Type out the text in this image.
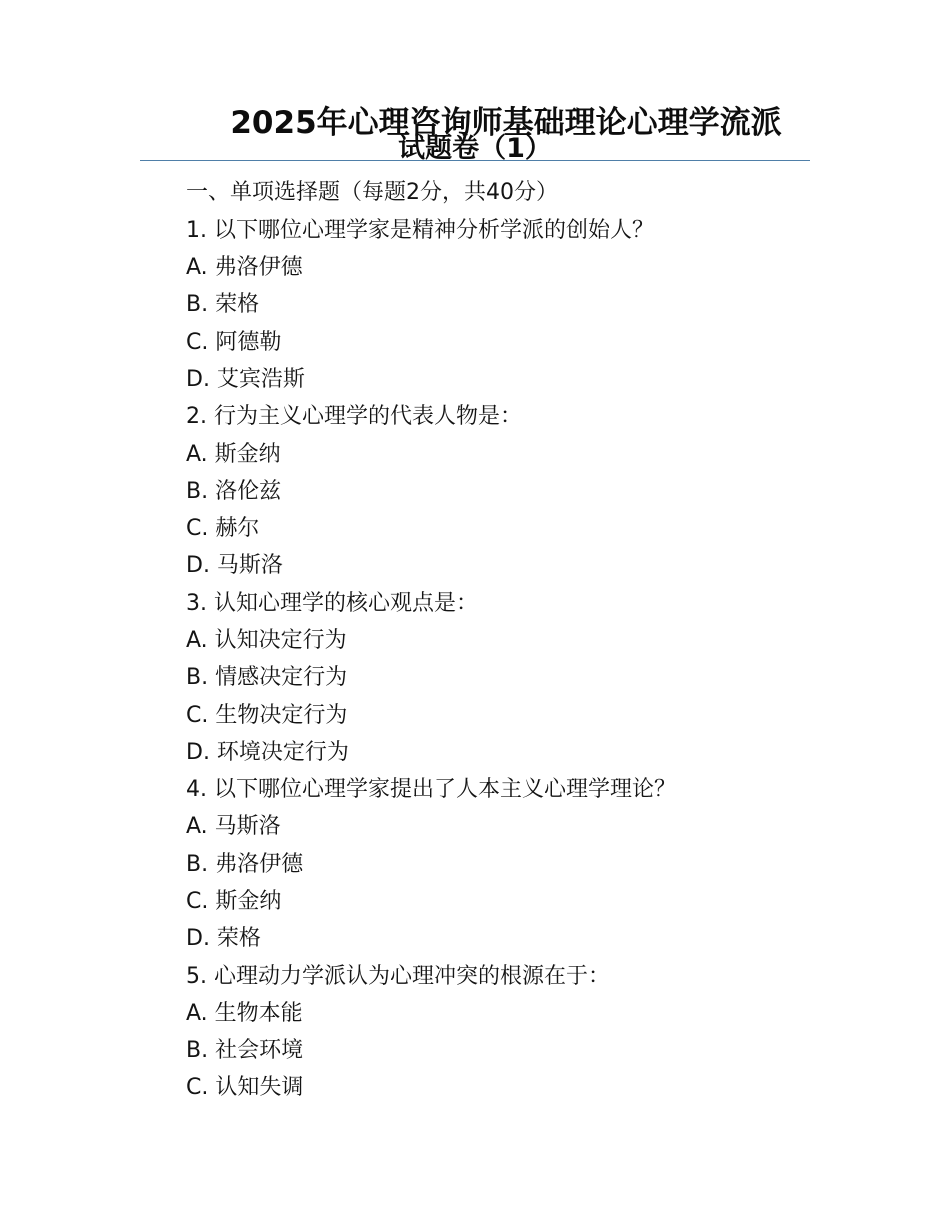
2025年心理咨询师基础理论心理学流派
试题卷（1）
一、单项选择题（每题2分，共40分）
1. 以下哪位心理学家是精神分析学派的创始人？
A. 弗洛伊德
B. 荣格
C. 阿德勒
D. 艾宾浩斯
2. 行为主义心理学的代表人物是：
A. 斯金纳
B. 洛伦兹
C. 赫尔
D. 马斯洛
3. 认知心理学的核心观点是：
A. 认知决定行为
B. 情感决定行为
C. 生物决定行为
D. 环境决定行为
4. 以下哪位心理学家提出了人本主义心理学理论？
A. 马斯洛
B. 弗洛伊德
C. 斯金纳
D. 荣格
5. 心理动力学派认为心理冲突的根源在于：
A. 生物本能
B. 社会环境
C. 认知失调
